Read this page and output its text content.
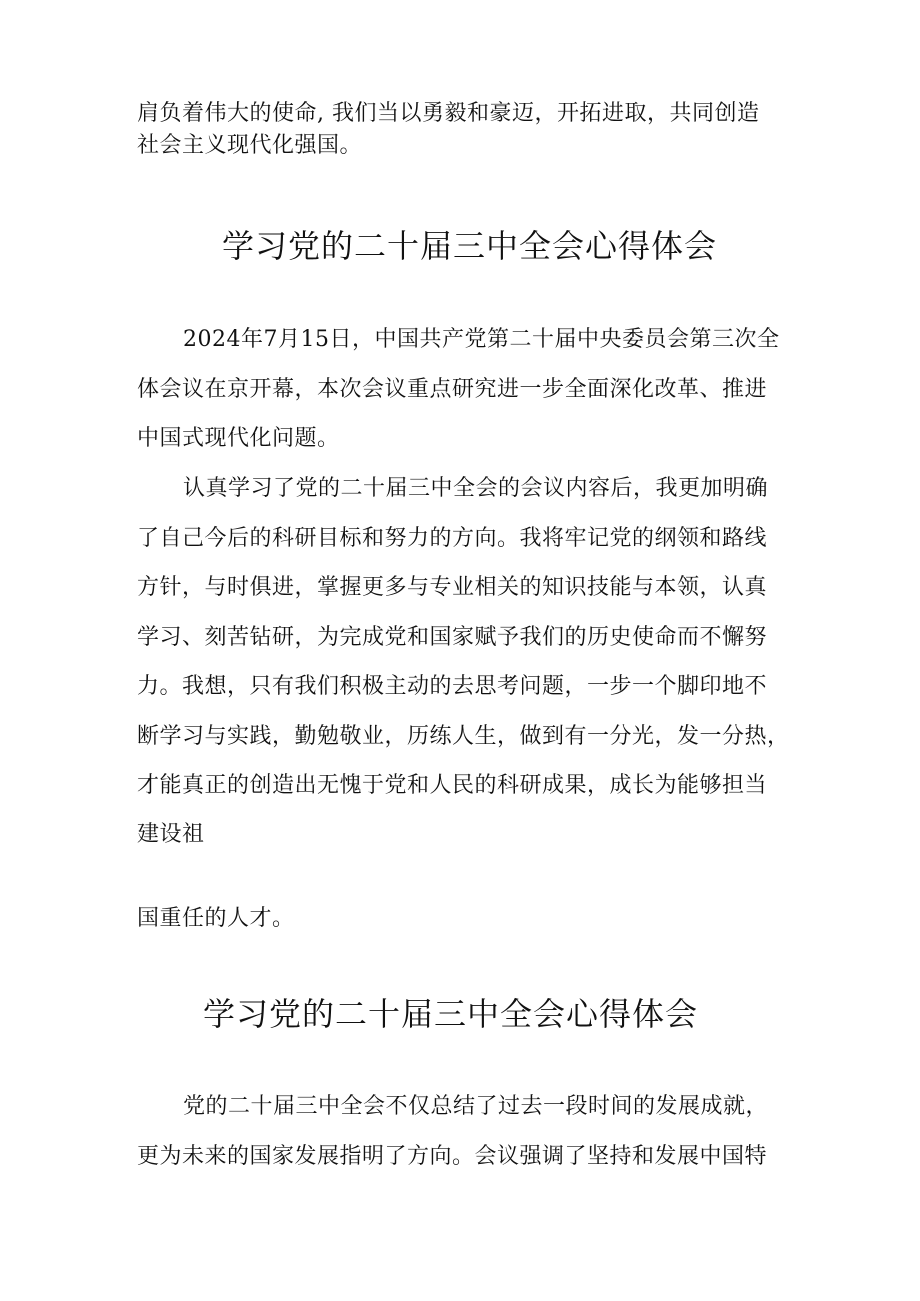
肩负着伟大的使命, 我们当以勇毅和豪迈，开拓进取，共同创造
社会主义现代化强国。
学习党的二十届三中全会心得体会
2024年7月15日，中国共产党第二十届中央委员会第三次全
体会议在京开幕，本次会议重点研究进一步全面深化改革、推进
中国式现代化问题。
认真学习了党的二十届三中全会的会议内容后，我更加明确
了自己今后的科研目标和努力的方向。我将牢记党的纲领和路线
方针，与时俱进，掌握更多与专业相关的知识技能与本领，认真
学习、刻苦钻研，为完成党和国家赋予我们的历史使命而不懈努
力。我想，只有我们积极主动的去思考问题，一步一个脚印地不
断学习与实践，勤勉敬业，历练人生，做到有一分光，发一分热，
才能真正的创造出无愧于党和人民的科研成果，成长为能够担当
建设祖
国重任的人才。
学习党的二十届三中全会心得体会
党的二十届三中全会不仅总结了过去一段时间的发展成就，
更为未来的国家发展指明了方向。会议强调了坚持和发展中国特
